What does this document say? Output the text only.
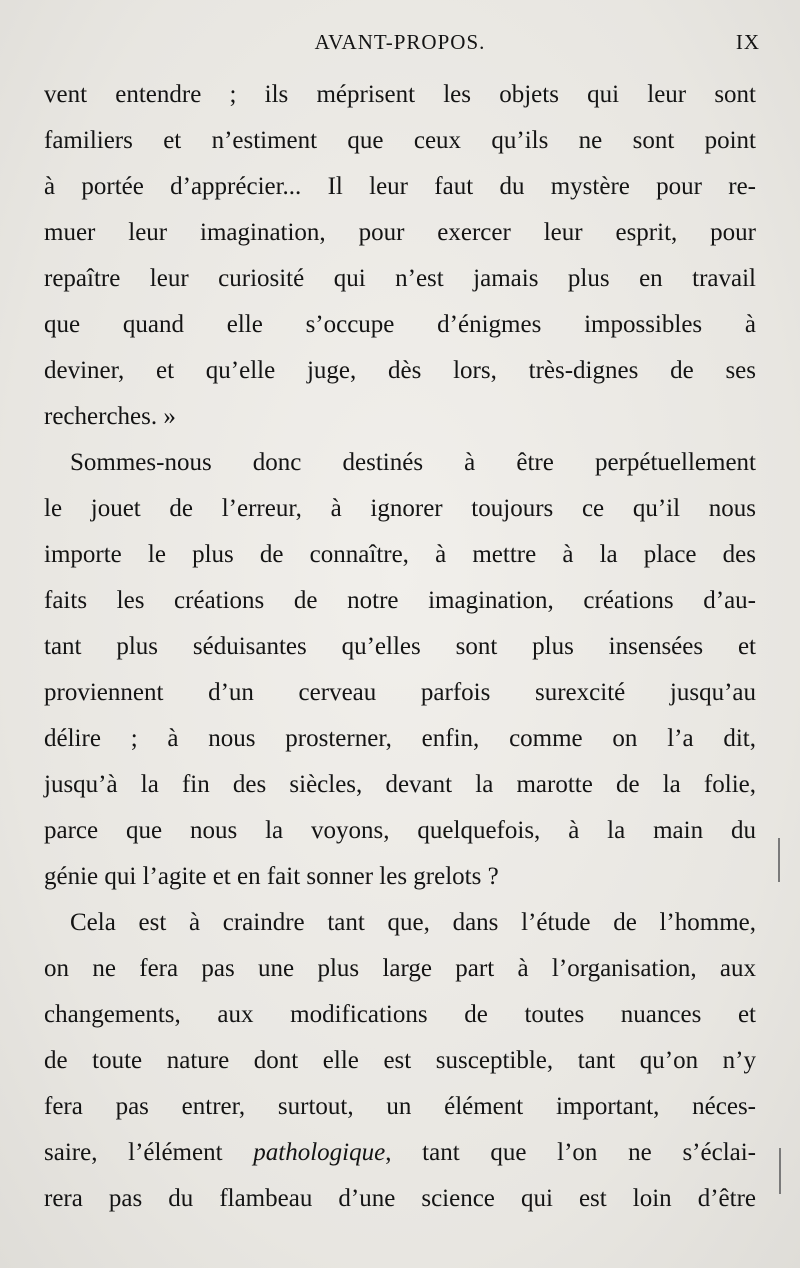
AVANT-PROPOS.	IX
vent entendre ; ils méprisent les objets qui leur sont
familiers et n’estiment que ceux qu’ils ne sont point
à portée d’apprécier... Il leur faut du mystère pour re-
muer leur imagination, pour exercer leur esprit, pour
repaître leur curiosité qui n’est jamais plus en travail
que quand elle s’occupe d’énigmes impossibles à
deviner, et qu’elle juge, dès lors, très-dignes de ses
recherches. »
Sommes-nous donc destinés à être perpétuellement
le jouet de l’erreur, à ignorer toujours ce qu’il nous
importe le plus de connaître, à mettre à la place des
faits les créations de notre imagination, créations d’au-
tant plus séduisantes qu’elles sont plus insensées et
proviennent d’un cerveau parfois surexcité jusqu’au
délire ; à nous prosterner, enfin, comme on l’a dit,
jusqu’à la fin des siècles, devant la marotte de la folie,
parce que nous la voyons, quelquefois, à la main du
génie qui l’agite et en fait sonner les grelots ?
Cela est à craindre tant que, dans l’étude de l’homme,
on ne fera pas une plus large part à l’organisation, aux
changements, aux modifications de toutes nuances et
de toute nature dont elle est susceptible, tant qu’on n’y
fera pas entrer, surtout, un élément important, néces-
saire, l’élément pathologique, tant que l’on ne s’éclai-
rera pas du flambeau d’une science qui est loin d’être
